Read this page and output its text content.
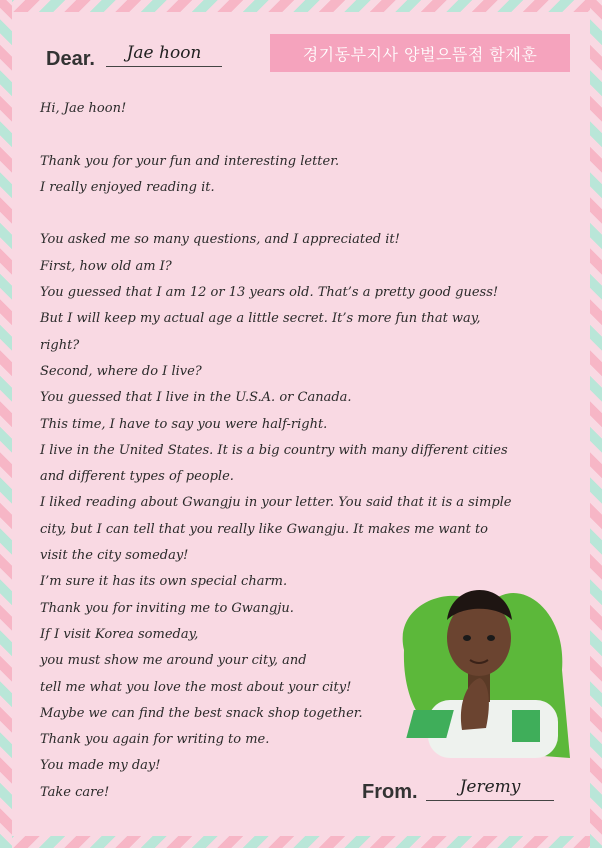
Dear.	Jae hoon	경기동부지사 양벌으뜸점 함재훈
Hi, Jae hoon!
Thank you for your fun and interesting letter.
I really enjoyed reading it.
You asked me so many questions, and I appreciated it!
First, how old am I?
You guessed that I am 12 or 13 years old. That’s a pretty good guess!
But I will keep my actual age a little secret. It’s more fun that way,
right?
Second, where do I live?
You guessed that I live in the U.S.A. or Canada.
This time, I have to say you were half-right.
I live in the United States. It is a big country with many different cities
and different types of people.
I liked reading about Gwangju in your letter. You said that it is a simple
city, but I can tell that you really like Gwangju. It makes me want to
visit the city someday!
I’m sure it has its own special charm.
Thank you for inviting me to Gwangju.
If I visit Korea someday,
you must show me around your city, and
tell me what you love the most about your city!
Maybe we can find the best snack shop together.
Thank you again for writing to me.
You made my day!
Take care!	From.	Jeremy
